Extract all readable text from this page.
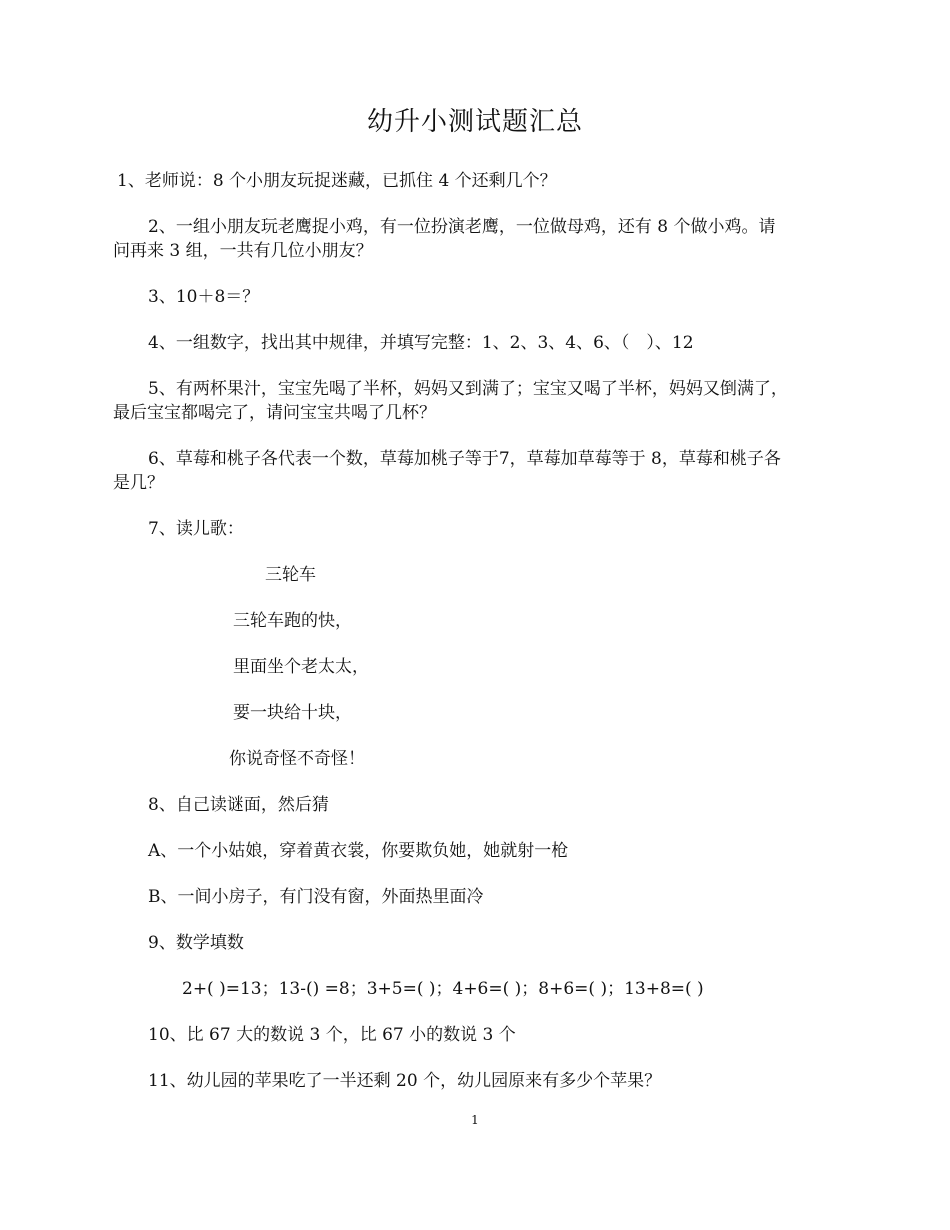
幼升小测试题汇总
1、老师说：8 个小朋友玩捉迷藏，已抓住 4 个还剩几个？
2、一组小朋友玩老鹰捉小鸡，有一位扮演老鹰，一位做母鸡，还有 8 个做小鸡。请
问再来 3 组，一共有几位小朋友？
3、10＋8＝？
4、一组数字，找出其中规律，并填写完整：1、2、3、4、6、（　）、12
5、有两杯果汁，宝宝先喝了半杯，妈妈又到满了；宝宝又喝了半杯，妈妈又倒满了，
最后宝宝都喝完了，请问宝宝共喝了几杯？
6、草莓和桃子各代表一个数，草莓加桃子等于7，草莓加草莓等于 8，草莓和桃子各
是几？
7、读儿歌：
三轮车
三轮车跑的快，
里面坐个老太太，
要一块给十块，
你说奇怪不奇怪！
8、自己读谜面，然后猜
A、一个小姑娘，穿着黄衣裳，你要欺负她，她就射一枪
B、一间小房子，有门没有窗，外面热里面冷
9、数学填数
2+( )=13；13-() =8；3+5=( )；4+6=( )；8+6=( )；13+8=( )
10、比 67 大的数说 3 个，比 67 小的数说 3 个
11、幼儿园的苹果吃了一半还剩 20 个，幼儿园原来有多少个苹果？
1
